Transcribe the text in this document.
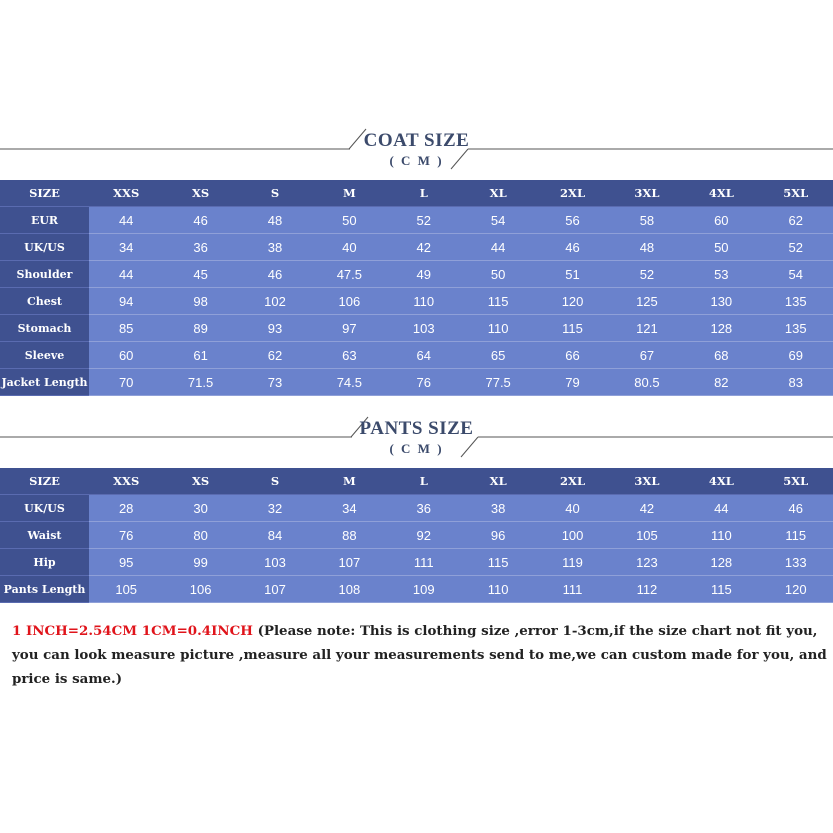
COAT SIZE
( C M )
SIZE	XXS	XS	S	M	L	XL	2XL	3XL	4XL	5XL
EUR	44	46	48	50	52	54	56	58	60	62
UK/US	34	36	38	40	42	44	46	48	50	52
Shoulder	44	45	46	47.5	49	50	51	52	53	54
Chest	94	98	102	106	110	115	120	125	130	135
Stomach	85	89	93	97	103	110	115	121	128	135
Sleeve	60	61	62	63	64	65	66	67	68	69
Jacket Length	70	71.5	73	74.5	76	77.5	79	80.5	82	83
PANTS SIZE
( C M )
SIZE	XXS	XS	S	M	L	XL	2XL	3XL	4XL	5XL
UK/US	28	30	32	34	36	38	40	42	44	46
Waist	76	80	84	88	92	96	100	105	110	115
Hip	95	99	103	107	111	115	119	123	128	133
Pants Length	105	106	107	108	109	110	111	112	115	120
1 INCH=2.54CM 1CM=0.4INCH (Please note: This is clothing size ,error 1-3cm,if the size chart not fit you, you can look measure picture ,measure all your measurements send to me,we can custom made for you, and price is same.)
